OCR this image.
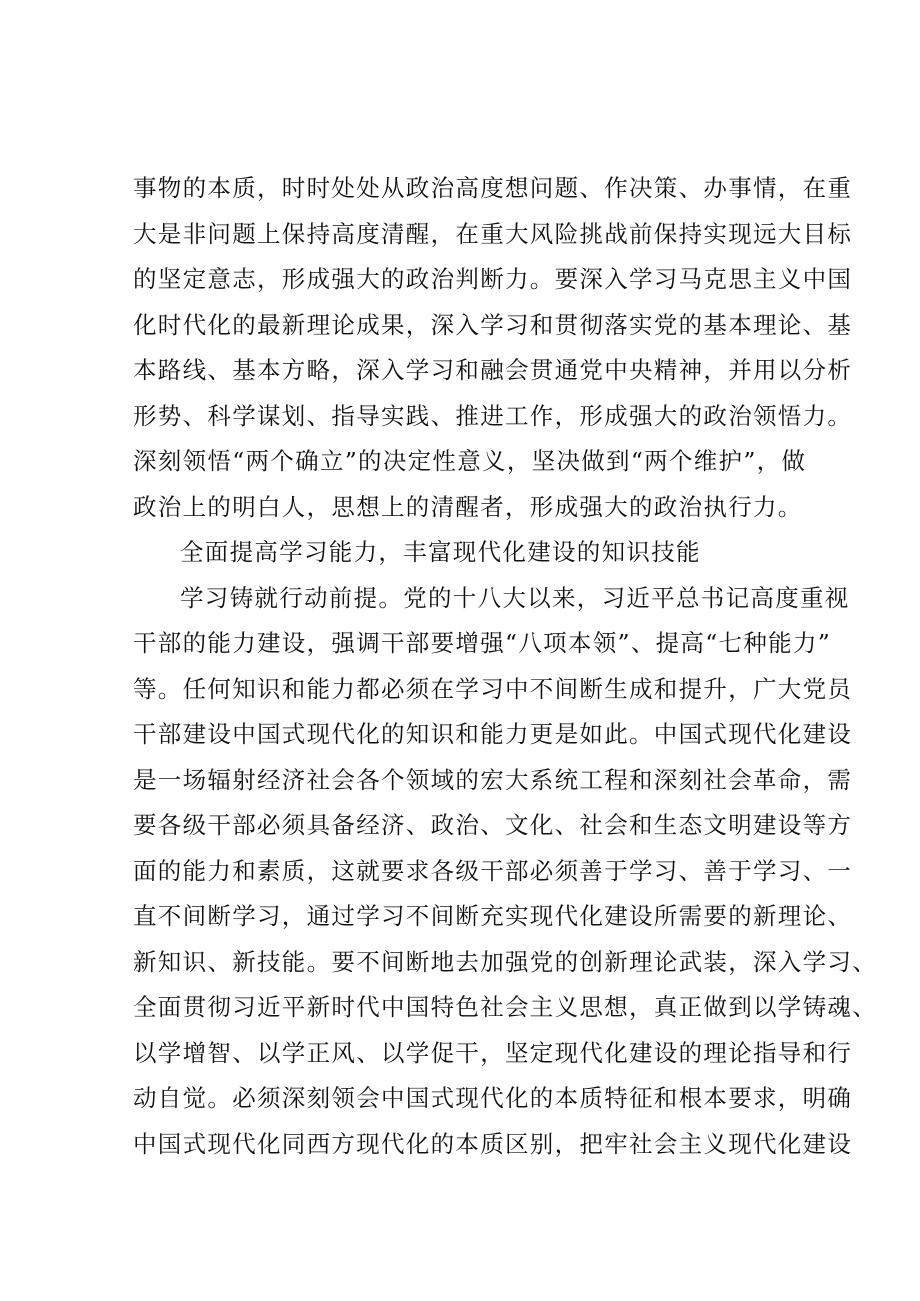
事物的本质，时时处处从政治高度想问题、作决策、办事情，在重
大是非问题上保持高度清醒，在重大风险挑战前保持实现远大目标
的坚定意志，形成强大的政治判断力。要深入学习马克思主义中国
化时代化的最新理论成果，深入学习和贯彻落实党的基本理论、基
本路线、基本方略，深入学习和融会贯通党中央精神，并用以分析
形势、科学谋划、指导实践、推进工作，形成强大的政治领悟力。
深刻领悟“两个确立”的决定性意义，坚决做到“两个维护”，做
政治上的明白人，思想上的清醒者，形成强大的政治执行力。
全面提高学习能力，丰富现代化建设的知识技能
学习铸就行动前提。党的十八大以来，习近平总书记高度重视
干部的能力建设，强调干部要增强“八项本领”、提高“七种能力”
等。任何知识和能力都必须在学习中不间断生成和提升，广大党员
干部建设中国式现代化的知识和能力更是如此。中国式现代化建设
是一场辐射经济社会各个领域的宏大系统工程和深刻社会革命，需
要各级干部必须具备经济、政治、文化、社会和生态文明建设等方
面的能力和素质，这就要求各级干部必须善于学习、善于学习、一
直不间断学习，通过学习不间断充实现代化建设所需要的新理论、
新知识、新技能。要不间断地去加强党的创新理论武装，深入学习、
全面贯彻习近平新时代中国特色社会主义思想，真正做到以学铸魂、
以学增智、以学正风、以学促干，坚定现代化建设的理论指导和行
动自觉。必须深刻领会中国式现代化的本质特征和根本要求，明确
中国式现代化同西方现代化的本质区别，把牢社会主义现代化建设
